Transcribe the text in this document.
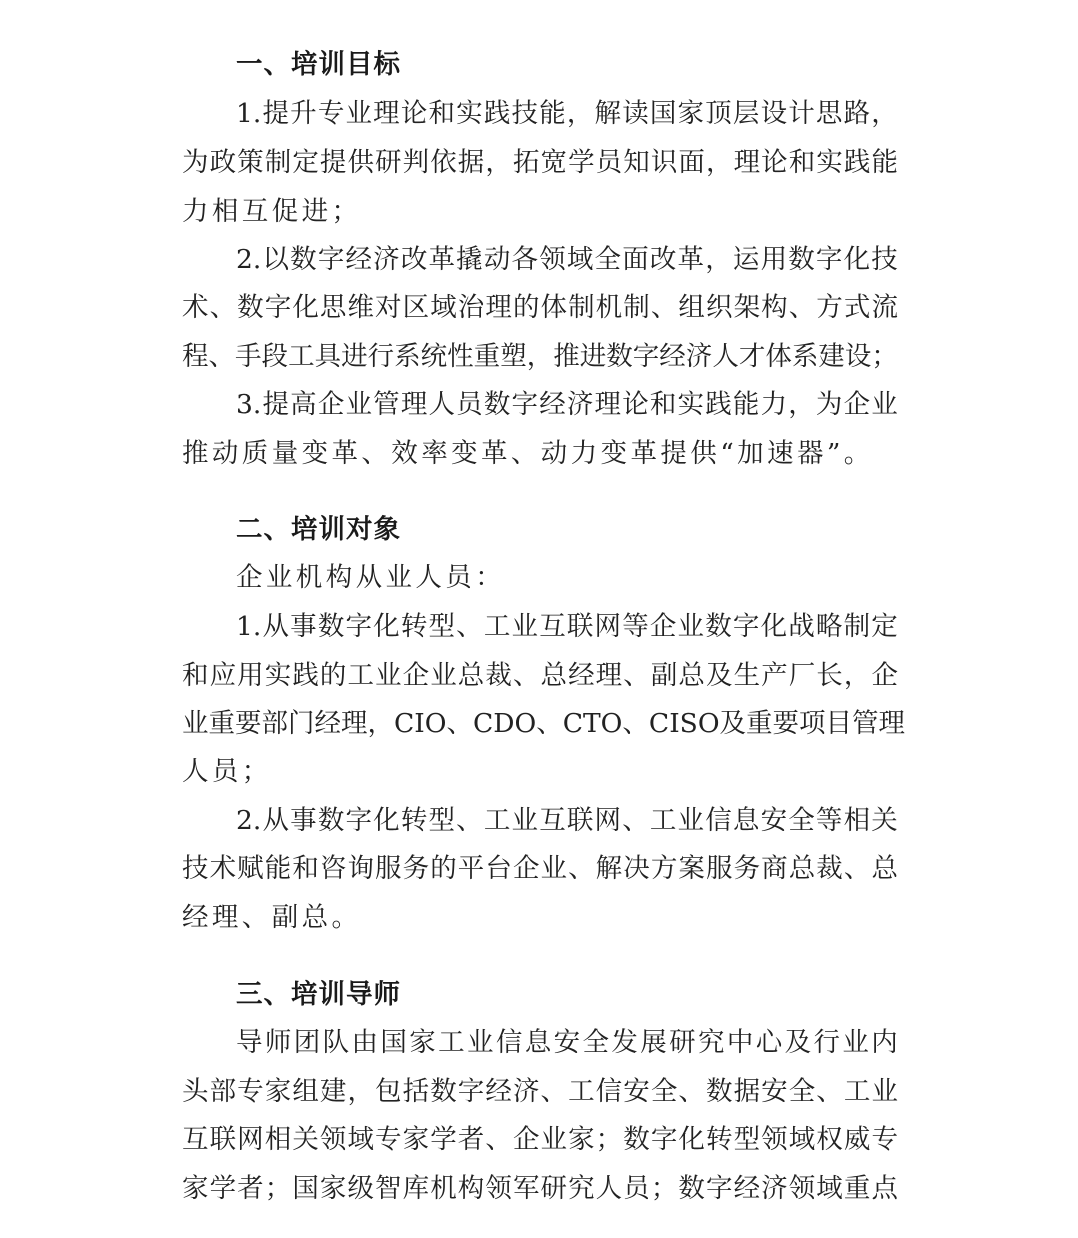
一、培训目标
1. 提 升 专 业 理 论 和 实 践 技 能 ， 解 读 国 家 顶 层 设 计 思 路 ，
为 政 策 制 定 提 供 研 判 依 据 ， 拓 宽 学 员 知 识 面 ， 理 论 和 实 践 能
力相互促进；
2. 以 数 字 经 济 改 革 撬 动 各 领 域 全 面 改 革 ， 运 用 数 字 化 技
术 、 数 字 化 思 维 对 区 域 治 理 的 体 制 机 制 、 组 织 架 构 、 方 式 流
程 、 手 段 工 具 进 行 系 统 性 重 塑 ， 推 进 数 字 经 济 人 才 体 系 建 设 ；
3. 提 高 企 业 管 理 人 员 数 字 经 济 理 论 和 实 践 能 力 ， 为 企 业
推动质量变革、效率变革、动力变革提供“加速器”。
二、培训对象
企业机构从业人员：
1. 从 事 数 字 化 转 型 、 工 业 互 联 网 等 企 业 数 字 化 战 略 制 定
和 应 用 实 践 的 工 业 企 业 总 裁 、 总 经 理 、 副 总 及 生 产 厂 长 ， 企
业 重 要 部 门 经 理 ， CIO 、 CDO 、 CTO 、 CISO 及 重 要 项 目 管 理
人员；
2. 从 事 数 字 化 转 型 、 工 业 互 联 网 、 工 业 信 息 安 全 等 相 关
技 术 赋 能 和 咨 询 服 务 的 平 台 企 业 、 解 决 方 案 服 务 商 总 裁 、 总
经理、副总。
三、培训导师
导 师 团 队 由 国 家 工 业 信 息 安 全 发 展 研 究 中 心 及 行 业 内
头 部 专 家 组 建 ， 包 括 数 字 经 济 、 工 信 安 全 、 数 据 安 全 、 工 业
互 联 网 相 关 领 域 专 家 学 者 、 企 业 家 ； 数 字 化 转 型 领 域 权 威 专
家 学 者 ； 国 家 级 智 库 机 构 领 军 研 究 人 员 ； 数 字 经 济 领 域 重 点
